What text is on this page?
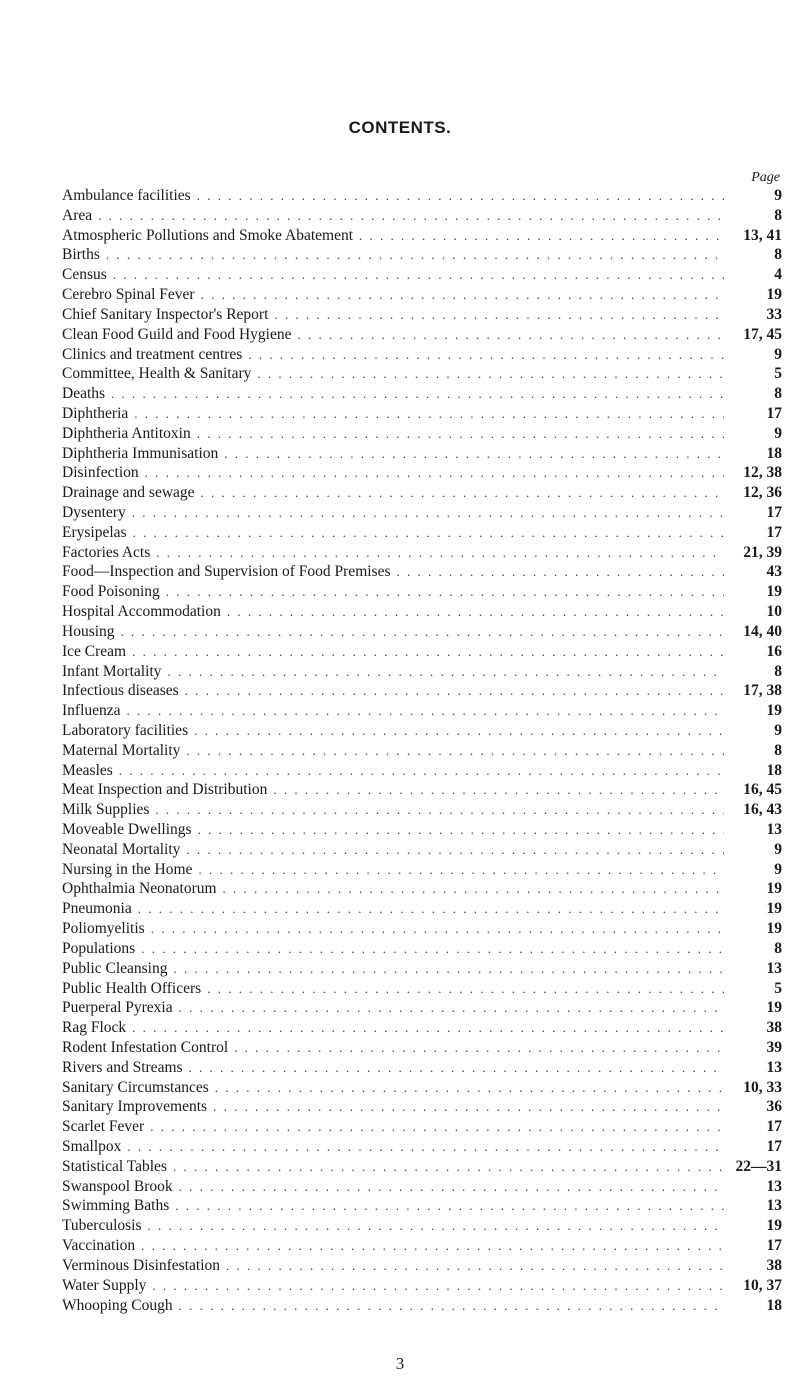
CONTENTS.
Page
Ambulance facilities . . .	9
Area . . .	8
Atmospheric Pollutions and Smoke Abatement . . .	13, 41
Births . . .	8
Census . . .	4
Cerebro Spinal Fever . . .	19
Chief Sanitary Inspector's Report . . .	33
Clean Food Guild and Food Hygiene . . .	17, 45
Clinics and treatment centres . . .	9
Committee, Health & Sanitary . . .	5
Deaths . . .	8
Diphtheria . . .	17
Diphtheria Antitoxin . . .	9
Diphtheria Immunisation . . .	18
Disinfection . . .	12, 38
Drainage and sewage . . .	12, 36
Dysentery . . .	17
Erysipelas . . .	17
Factories Acts . . .	21, 39
Food—Inspection and Supervision of Food Premises . . .	43
Food Poisoning . . .	19
Hospital Accommodation . . .	10
Housing . . .	14, 40
Ice Cream . . .	16
Infant Mortality . . .	8
Infectious diseases . . .	17, 38
Influenza . . .	19
Laboratory facilities . . .	9
Maternal Mortality . . .	8
Measles . . .	18
Meat Inspection and Distribution . . .	16, 45
Milk Supplies . . .	16, 43
Moveable Dwellings . . .	13
Neonatal Mortality . . .	9
Nursing in the Home . . .	9
Ophthalmia Neonatorum . . .	19
Pneumonia . . .	19
Poliomyelitis . . .	19
Populations . . .	8
Public Cleansing . . .	13
Public Health Officers . . .	5
Puerperal Pyrexia . . .	19
Rag Flock . . .	38
Rodent Infestation Control . . .	39
Rivers and Streams . . .	13
Sanitary Circumstances . . .	10, 33
Sanitary Improvements . . .	36
Scarlet Fever . . .	17
Smallpox . . .	17
Statistical Tables . . .	22—31
Swanspool Brook . . .	13
Swimming Baths . . .	13
Tuberculosis . . .	19
Vaccination . . .	17
Verminous Disinfestation . . .	38
Water Supply . . .	10, 37
Whooping Cough . . .	18
3
